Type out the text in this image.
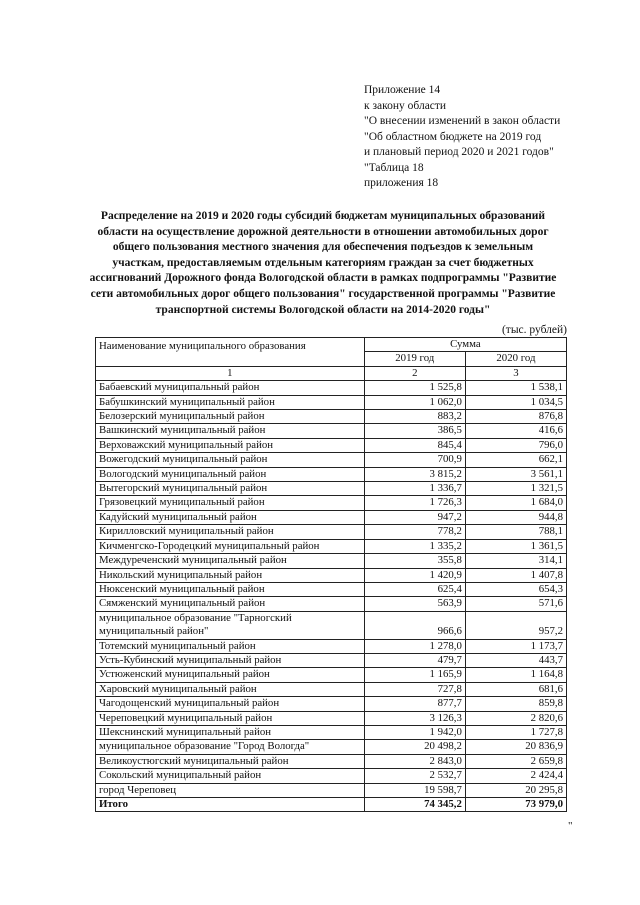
Приложение 14
к закону области
"О внесении изменений в закон области
"Об областном бюджете на 2019 год
и плановый период 2020 и 2021 годов"
"Таблица 18
приложения 18
Распределение на 2019 и 2020 годы субсидий бюджетам муниципальных образований области на осуществление дорожной деятельности в отношении автомобильных дорог общего пользования местного значения для обеспечения подъездов к земельным участкам, предоставляемым отдельным категориям граждан за счет бюджетных ассигнований Дорожного фонда Вологодской области в рамках подпрограммы "Развитие сети автомобильных дорог общего пользования" государственной программы "Развитие транспортной системы Вологодской области на 2014-2020 годы"
(тыс. рублей)
Наименование муниципального образования	Сумма	
	2019 год	2020 год
1	2	3
Бабаевский муниципальный район	1 525,8	1 538,1
Бабушкинский муниципальный район	1 062,0	1 034,5
Белозерский муниципальный район	883,2	876,8
Вашкинский муниципальный район	386,5	416,6
Верховажский муниципальный район	845,4	796,0
Вожегодский муниципальный район	700,9	662,1
Вологодский муниципальный район	3 815,2	3 561,1
Вытегорский муниципальный район	1 336,7	1 321,5
Грязовецкий муниципальный район	1 726,3	1 684,0
Кадуйский муниципальный район	947,2	944,8
Кирилловский муниципальный район	778,2	788,1
Кичменгско-Городецкий муниципальный район	1 335,2	1 361,5
Междуреченский муниципальный район	355,8	314,1
Никольский муниципальный район	1 420,9	1 407,8
Нюксенский муниципальный район	625,4	654,3
Сямженский муниципальный район	563,9	571,6
муниципальное образование "Тарногский муниципальный район"	966,6	957,2
Тотемский муниципальный район	1 278,0	1 173,7
Усть-Кубинский муниципальный район	479,7	443,7
Устюженский муниципальный район	1 165,9	1 164,8
Харовский муниципальный район	727,8	681,6
Чагодощенский муниципальный район	877,7	859,8
Череповецкий муниципальный район	3 126,3	2 820,6
Шекснинский муниципальный район	1 942,0	1 727,8
муниципальное образование "Город Вологда"	20 498,2	20 836,9
Великоустюгский муниципальный район	2 843,0	2 659,8
Сокольский муниципальный район	2 532,7	2 424,4
город Череповец	19 598,7	20 295,8
Итого	74 345,2	73 979,0
"
